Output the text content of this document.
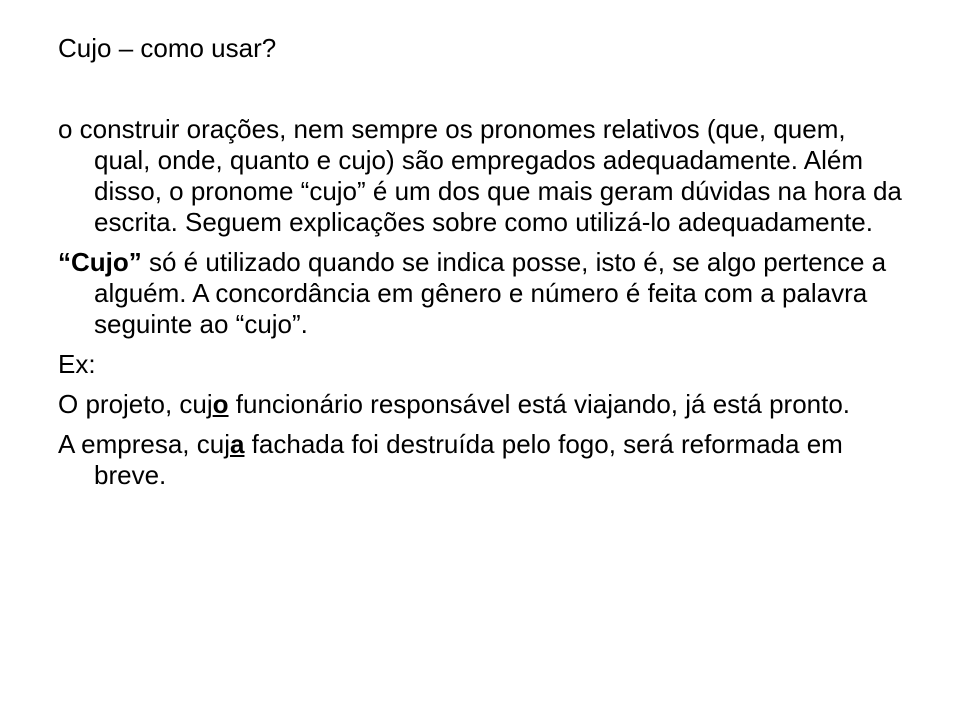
Cujo – como usar?

o construir orações, nem sempre os pronomes relativos (que, quem, qual, onde, quanto e cujo) são empregados adequadamente. Além disso, o pronome “cujo” é um dos que mais geram dúvidas na hora da escrita. Seguem explicações sobre como utilizá-lo adequadamente.

“Cujo” só é utilizado quando se indica posse, isto é, se algo pertence a alguém. A concordância em gênero e número é feita com a palavra seguinte ao “cujo”.

Ex:

O projeto, cujo funcionário responsável está viajando, já está pronto.

A empresa, cuja fachada foi destruída pelo fogo, será reformada em breve.
